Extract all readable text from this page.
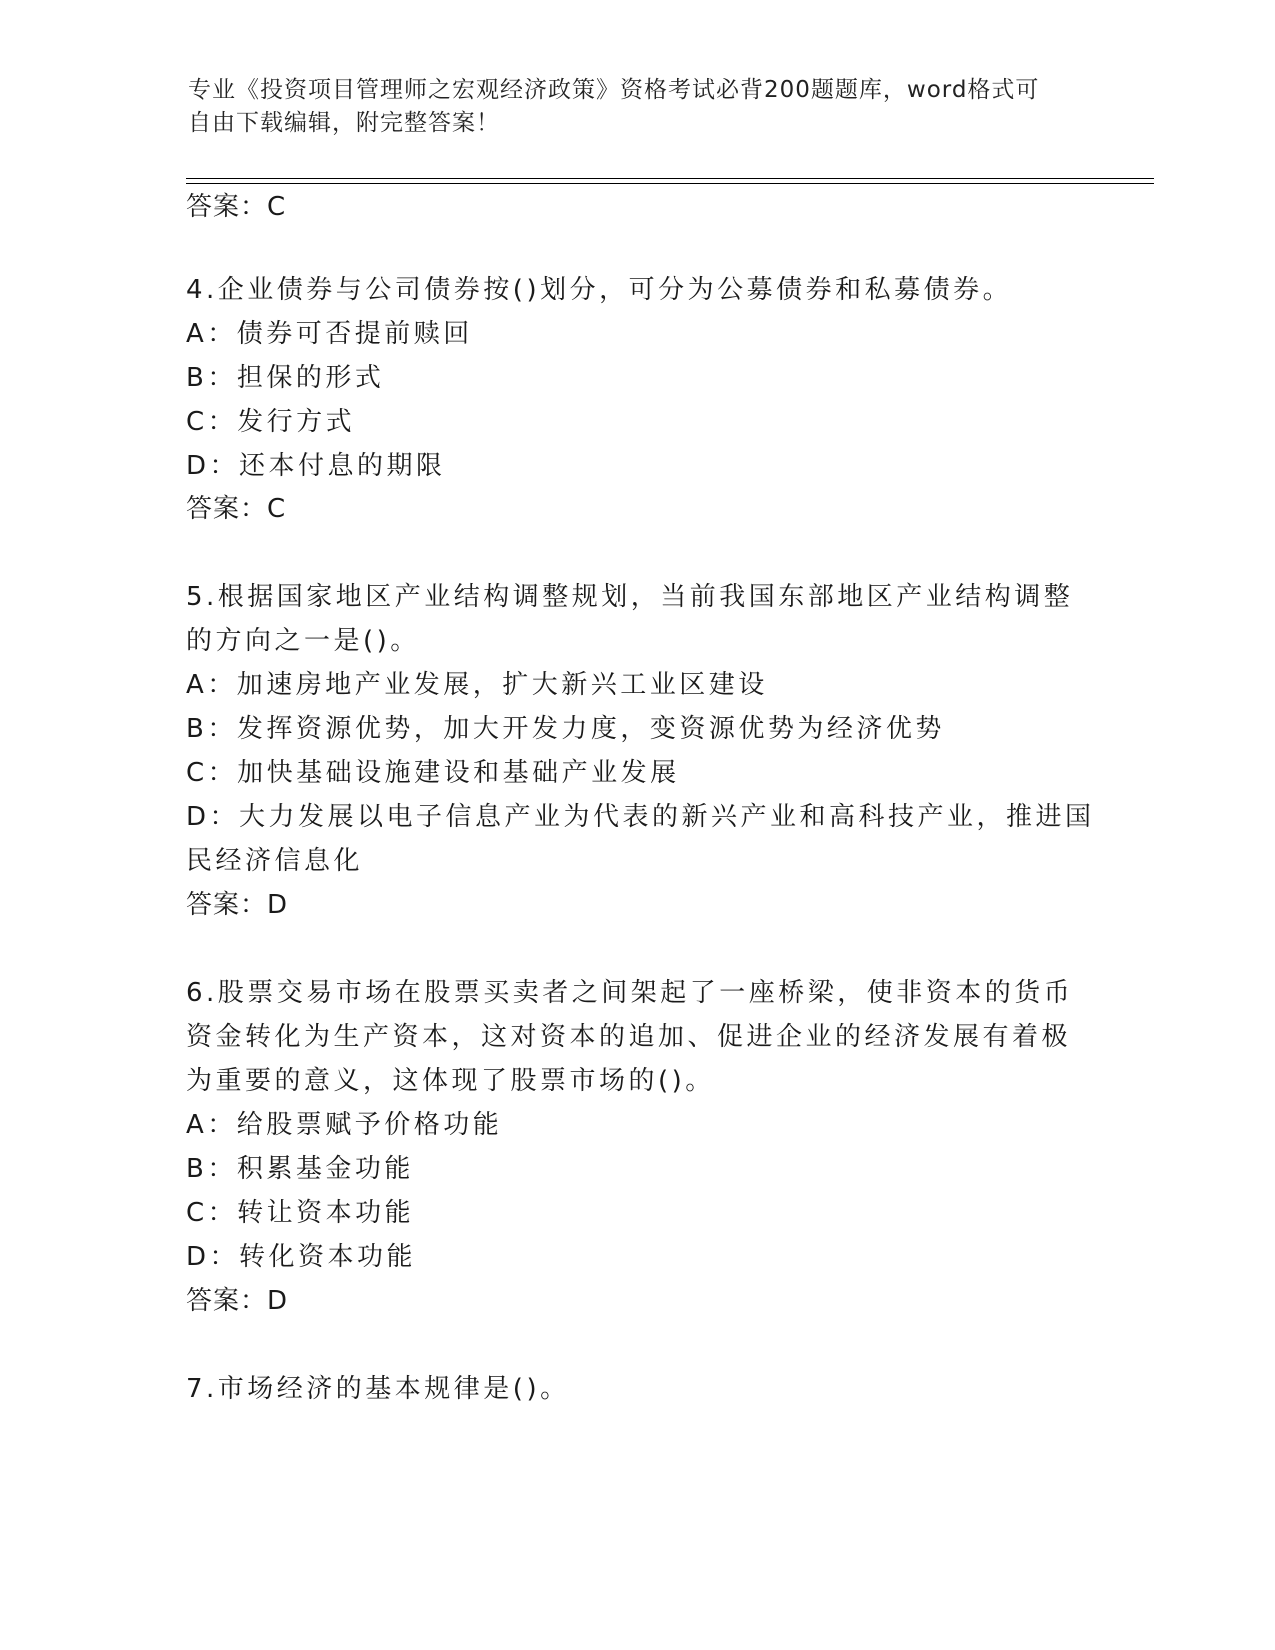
专业《投资项目管理师之宏观经济政策》资格考试必背200题题库，word格式可
自由下载编辑，附完整答案！
答案：C
4.企业债券与公司债券按()划分，可分为公募债券和私募债券。
A：债券可否提前赎回
B：担保的形式
C：发行方式
D：还本付息的期限
答案：C
5.根据国家地区产业结构调整规划，当前我国东部地区产业结构调整
的方向之一是()。
A：加速房地产业发展，扩大新兴工业区建设
B：发挥资源优势，加大开发力度，变资源优势为经济优势
C：加快基础设施建设和基础产业发展
D：大力发展以电子信息产业为代表的新兴产业和高科技产业，推进国
民经济信息化
答案：D
6.股票交易市场在股票买卖者之间架起了一座桥梁，使非资本的货币
资金转化为生产资本，这对资本的追加、促进企业的经济发展有着极
为重要的意义，这体现了股票市场的()。
A：给股票赋予价格功能
B：积累基金功能
C：转让资本功能
D：转化资本功能
答案：D
7.市场经济的基本规律是()。
